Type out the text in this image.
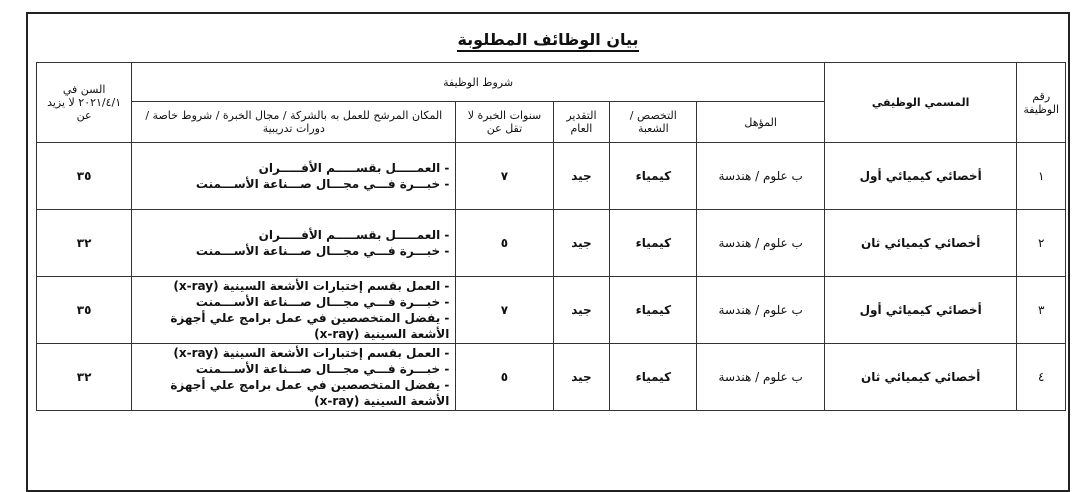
بيان الوظائف المطلوبة
رقم الوظيفة	المسمي الوظيفي	شروط الوظيفة					السن في ٢٠٢١/٤/١ لا يزيد عن
		المؤهل	التخصص / الشعبة	التقدير العام	سنوات الخبرة لا تقل عن	المكان المرشح للعمل به بالشركة / مجال الخبرة / شروط خاصة / دورات تدريبية	
١	أخصائي كيميائي أول	ب علوم / هندسة	كيمياء	جيد	٧	- العمـــــل بقســـــم الأفـــــران
- خبـــرة فـــي مجـــال صـــناعة الأســـمنت	٣٥
٢	أخصائي كيميائي ثان	ب علوم / هندسة	كيمياء	جيد	٥	- العمـــــل بقســـــم الأفـــــران
- خبـــرة فـــي مجـــال صـــناعة الأســـمنت	٣٢
٣	أخصائي كيميائي أول	ب علوم / هندسة	كيمياء	جيد	٧	- العمل بقسم إختبارات الأشعة السينية (x-ray)
- خبـــرة فـــي مجـــال صـــناعة الأســـمنت
- يفضل المتخصصين في عمل برامج علي أجهزة
الأشعة السينية (x-ray)	٣٥
٤	أخصائي كيميائي ثان	ب علوم / هندسة	كيمياء	جيد	٥	- العمل بقسم إختبارات الأشعة السينية (x-ray)
- خبـــرة فـــي مجـــال صـــناعة الأســـمنت
- يفضل المتخصصين في عمل برامج علي أجهزة
الأشعة السينية (x-ray)	٣٢
